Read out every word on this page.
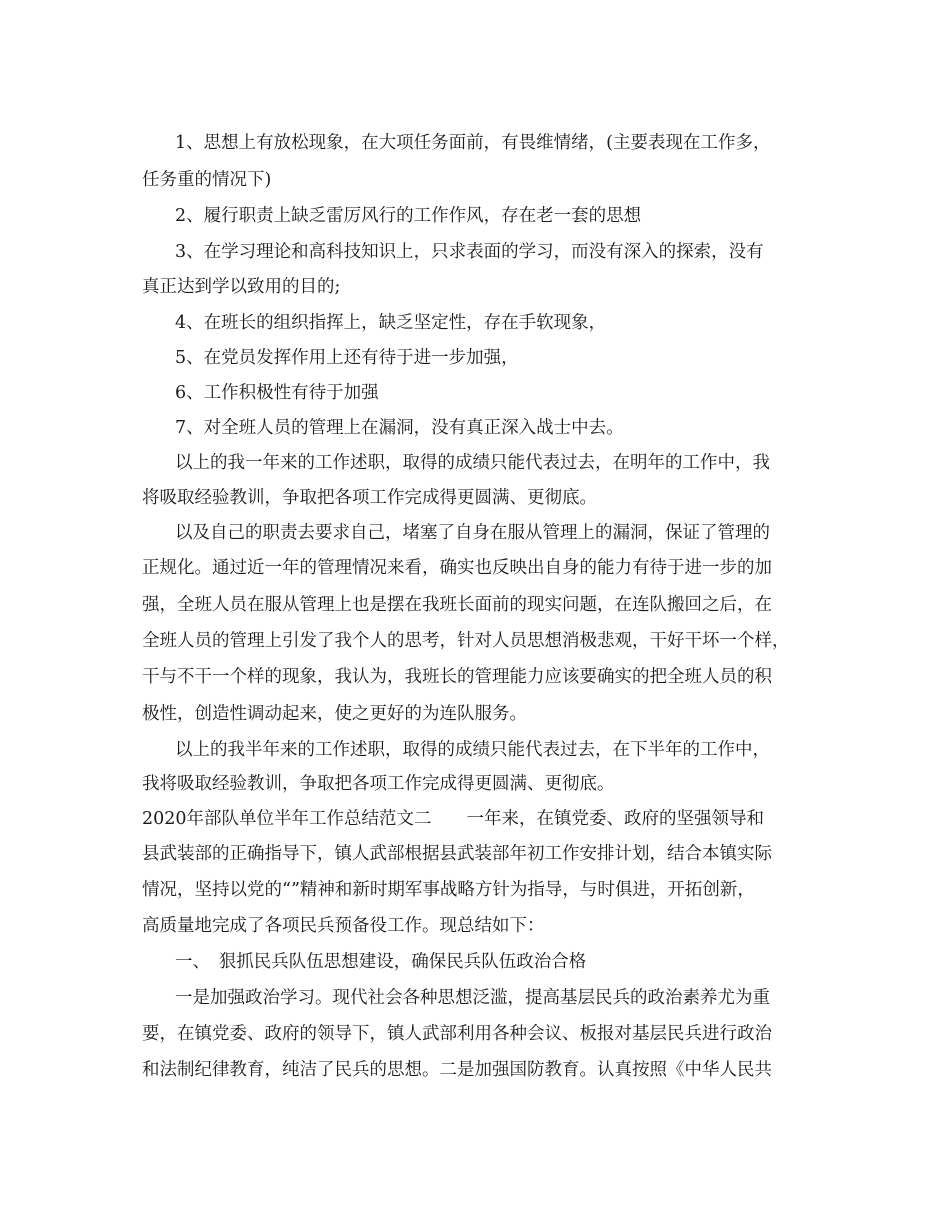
1、思想上有放松现象，在大项任务面前，有畏维情绪，(主要表现在工作多，
任务重的情况下)
2、履行职责上缺乏雷厉风行的工作作风，存在老一套的思想
3、在学习理论和高科技知识上，只求表面的学习，而没有深入的探索，没有
真正达到学以致用的目的;
4、在班长的组织指挥上，缺乏坚定性，存在手软现象，
5、在党员发挥作用上还有待于进一步加强，
6、工作积极性有待于加强
7、对全班人员的管理上在漏洞，没有真正深入战士中去。
以上的我一年来的工作述职，取得的成绩只能代表过去，在明年的工作中，我
将吸取经验教训，争取把各项工作完成得更圆满、更彻底。
以及自己的职责去要求自己，堵塞了自身在服从管理上的漏洞，保证了管理的
正规化。通过近一年的管理情况来看，确实也反映出自身的能力有待于进一步的加
强，全班人员在服从管理上也是摆在我班长面前的现实问题，在连队搬回之后，在
全班人员的管理上引发了我个人的思考，针对人员思想消极悲观，干好干坏一个样，
干与不干一个样的现象，我认为，我班长的管理能力应该要确实的把全班人员的积
极性，创造性调动起来，使之更好的为连队服务。
以上的我半年来的工作述职，取得的成绩只能代表过去，在下半年的工作中，
我将吸取经验教训，争取把各项工作完成得更圆满、更彻底。
2020年部队单位半年工作总结范文二　　一年来，在镇党委、政府的坚强领导和
县武装部的正确指导下，镇人武部根据县武装部年初工作安排计划，结合本镇实际
情况，坚持以党的“”精神和新时期军事战略方针为指导，与时俱进，开拓创新，
高质量地完成了各项民兵预备役工作。现总结如下：
一、　狠抓民兵队伍思想建设，确保民兵队伍政治合格
一是加强政治学习。现代社会各种思想泛滥，提高基层民兵的政治素养尤为重
要，在镇党委、政府的领导下，镇人武部利用各种会议、板报对基层民兵进行政治
和法制纪律教育，纯洁了民兵的思想。二是加强国防教育。认真按照《中华人民共
